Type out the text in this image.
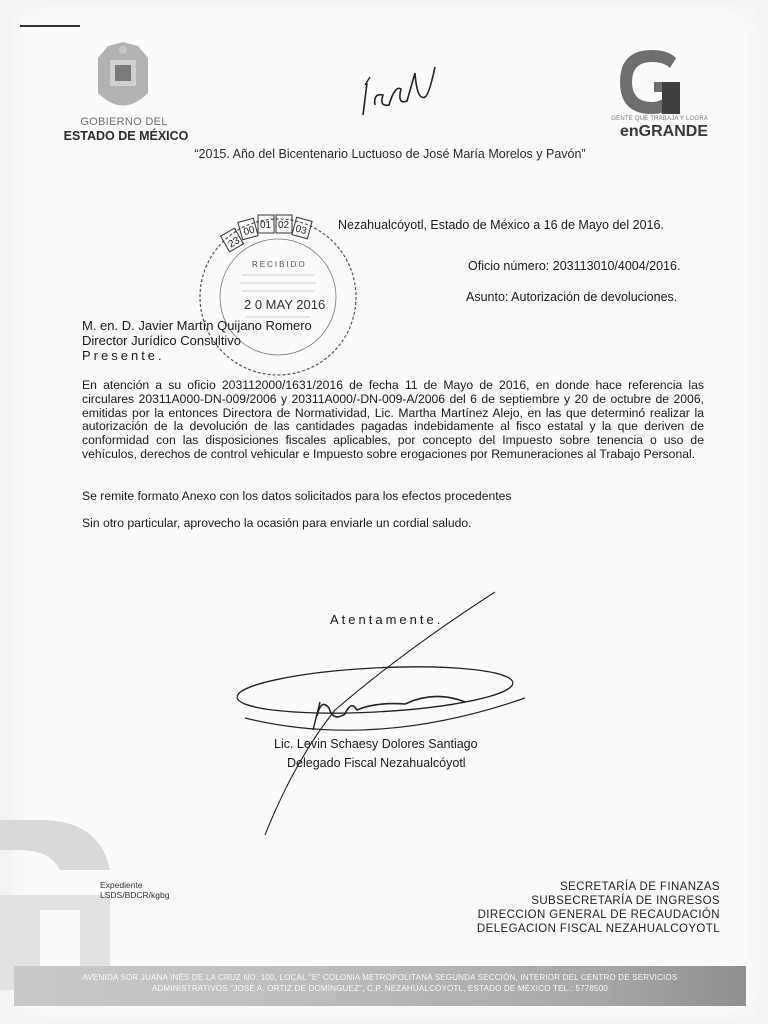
GOBIERNO DEL
ESTADO DE MÉXICO
GENTE QUE TRABAJA Y LOGRA
enGRANDE
“2015. Año del Bicentenario Luctuoso de José María Morelos y Pavón”
23
00 01 02 03
RECIBIDO
2 0 MAY 2016
Nezahualcóyotl, Estado de México a 16 de Mayo del 2016.
Oficio número: 203113010/4004/2016.
Asunto: Autorización de devoluciones.
M. en. D. Javier Martín Quijano Romero
Director Jurídico Consultivo
Presente.
En atención a su oficio 203112000/1631/2016 de fecha 11 de Mayo de 2016, en donde hace referencia las circulares 20311A000-DN-009/2006 y 20311A000/-DN-009-A/2006 del 6 de septiembre y 20 de octubre de 2006, emitidas por la entonces Directora de Normatividad, Lic. Martha Martínez Alejo, en las que determinó realizar la autorización de la devolución de las cantidades pagadas indebidamente al fisco estatal y la que deriven de conformidad con las disposiciones fiscales aplicables, por concepto del Impuesto sobre tenencia o uso de vehículos, derechos de control vehicular e Impuesto sobre erogaciones por Remuneraciones al Trabajo Personal.
Se remite formato Anexo con los datos solicitados para los efectos procedentes
Sin otro particular, aprovecho la ocasión para enviarle un cordial saludo.
Atentamente.
Lic. Levin Schaesy Dolores Santiago
Delegado Fiscal Nezahualcóyotl
Expediente
LSDS/BDCR/kgbg
SECRETARÍA DE FINANZAS
SUBSECRETARÍA DE INGRESOS
DIRECCION GENERAL DE RECAUDACIÓN
DELEGACION FISCAL NEZAHUALCOYOTL
AVENIDA SOR JUANA INÉS DE LA CRUZ NO. 100, LOCAL "E" COLONIA METROPOLITANA SEGUNDA SECCIÓN, INTERIOR DEL CENTRO DE SERVICIOS
ADMINISTRATIVOS "JOSÉ A. ORTIZ DE DOMÍNGUEZ", C.P. NEZAHUALCÓYOTL, ESTADO DE MÉXICO TEL.: 5778500
